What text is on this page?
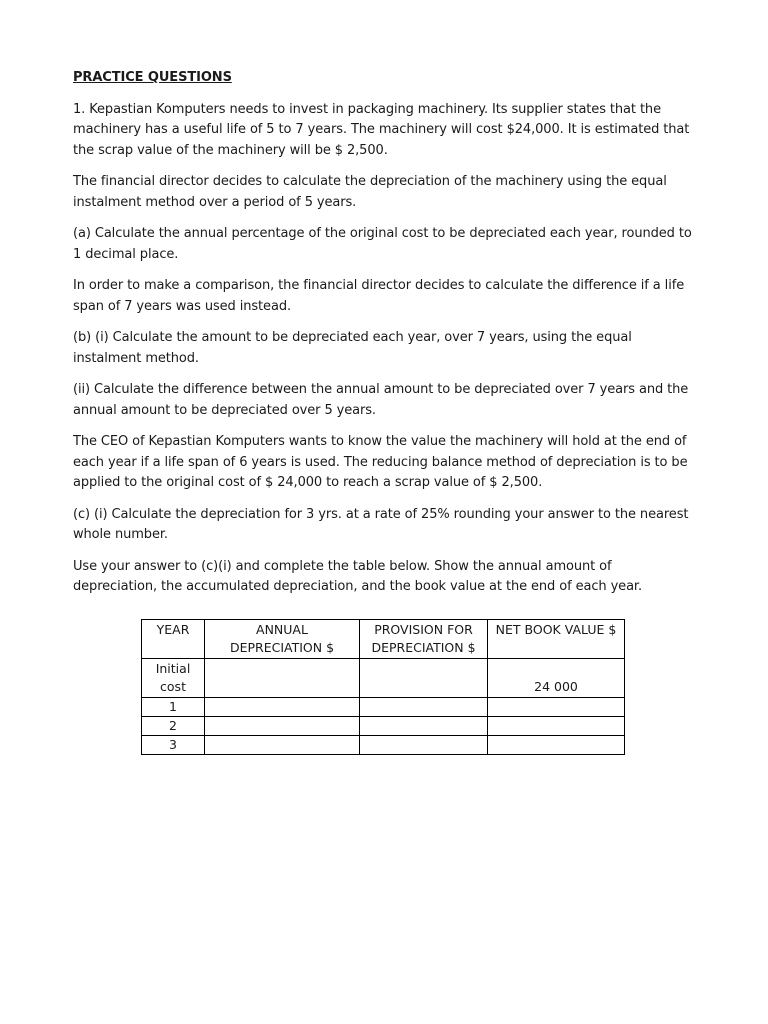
PRACTICE QUESTIONS

1. Kepastian Komputers needs to invest in packaging machinery. Its supplier states that the machinery has a useful life of 5 to 7 years. The machinery will cost $24,000. It is estimated that the scrap value of the machinery will be $ 2,500.

The financial director decides to calculate the depreciation of the machinery using the equal instalment method over a period of 5 years.

(a) Calculate the annual percentage of the original cost to be depreciated each year, rounded to 1 decimal place.

In order to make a comparison, the financial director decides to calculate the difference if a life span of 7 years was used instead.

(b) (i) Calculate the amount to be depreciated each year, over 7 years, using the equal instalment method.

(ii) Calculate the difference between the annual amount to be depreciated over 7 years and the annual amount to be depreciated over 5 years.

The CEO of Kepastian Komputers wants to know the value the machinery will hold at the end of each year if a life span of 6 years is used. The reducing balance method of depreciation is to be applied to the original cost of $ 24,000 to reach a scrap value of $ 2,500.

(c) (i) Calculate the depreciation for 3 yrs. at a rate of 25% rounding your answer to the nearest whole number.

Use your answer to (c)(i) and complete the table below. Show the annual amount of depreciation, the accumulated depreciation, and the book value at the end of each year.

YEAR	ANNUAL DEPRECIATION $	PROVISION FOR DEPRECIATION $	NET BOOK VALUE $
Initial cost			24 000
1			
2			
3			
